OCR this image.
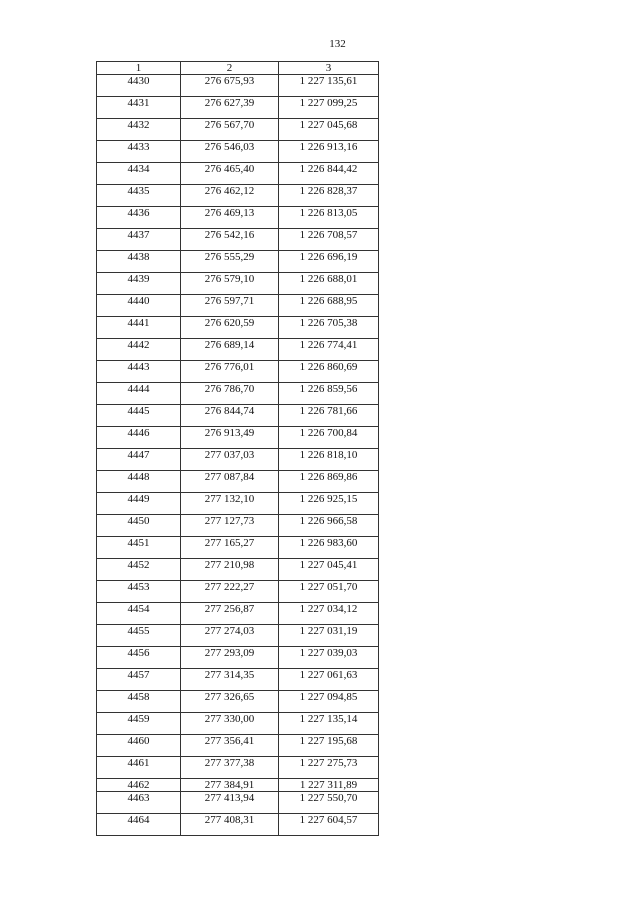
132
1	2	3
4430	276 675,93	1 227 135,61
4431	276 627,39	1 227 099,25
4432	276 567,70	1 227 045,68
4433	276 546,03	1 226 913,16
4434	276 465,40	1 226 844,42
4435	276 462,12	1 226 828,37
4436	276 469,13	1 226 813,05
4437	276 542,16	1 226 708,57
4438	276 555,29	1 226 696,19
4439	276 579,10	1 226 688,01
4440	276 597,71	1 226 688,95
4441	276 620,59	1 226 705,38
4442	276 689,14	1 226 774,41
4443	276 776,01	1 226 860,69
4444	276 786,70	1 226 859,56
4445	276 844,74	1 226 781,66
4446	276 913,49	1 226 700,84
4447	277 037,03	1 226 818,10
4448	277 087,84	1 226 869,86
4449	277 132,10	1 226 925,15
4450	277 127,73	1 226 966,58
4451	277 165,27	1 226 983,60
4452	277 210,98	1 227 045,41
4453	277 222,27	1 227 051,70
4454	277 256,87	1 227 034,12
4455	277 274,03	1 227 031,19
4456	277 293,09	1 227 039,03
4457	277 314,35	1 227 061,63
4458	277 326,65	1 227 094,85
4459	277 330,00	1 227 135,14
4460	277 356,41	1 227 195,68
4461	277 377,38	1 227 275,73
4462	277 384,91	1 227 311,89
4463	277 413,94	1 227 550,70
4464	277 408,31	1 227 604,57
